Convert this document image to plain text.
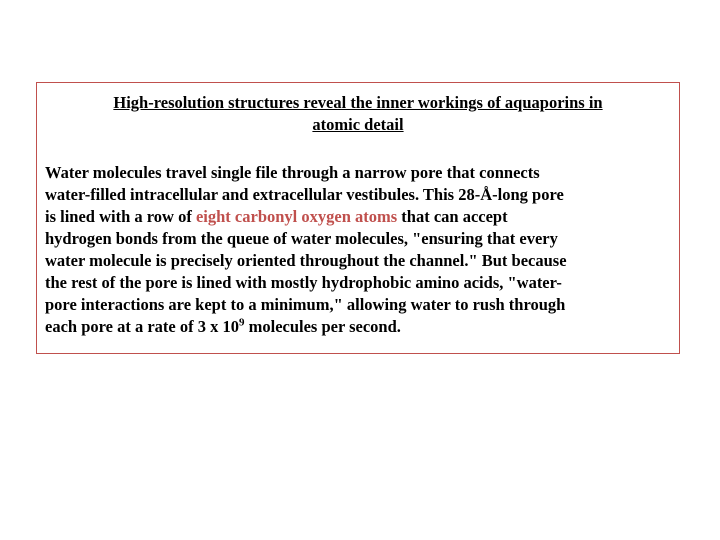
High-resolution structures reveal the inner workings of aquaporins in
atomic detail

Water molecules travel single file through a narrow pore that connects
water-filled intracellular and extracellular vestibules. This 28-Å-long pore
is lined with a row of eight carbonyl oxygen atoms that can accept
hydrogen bonds from the queue of water molecules, "ensuring that every
water molecule is precisely oriented throughout the channel." But because
the rest of the pore is lined with mostly hydrophobic amino acids, "water-
pore interactions are kept to a minimum," allowing water to rush through
each pore at a rate of 3 x $10^9$ molecules per second.
